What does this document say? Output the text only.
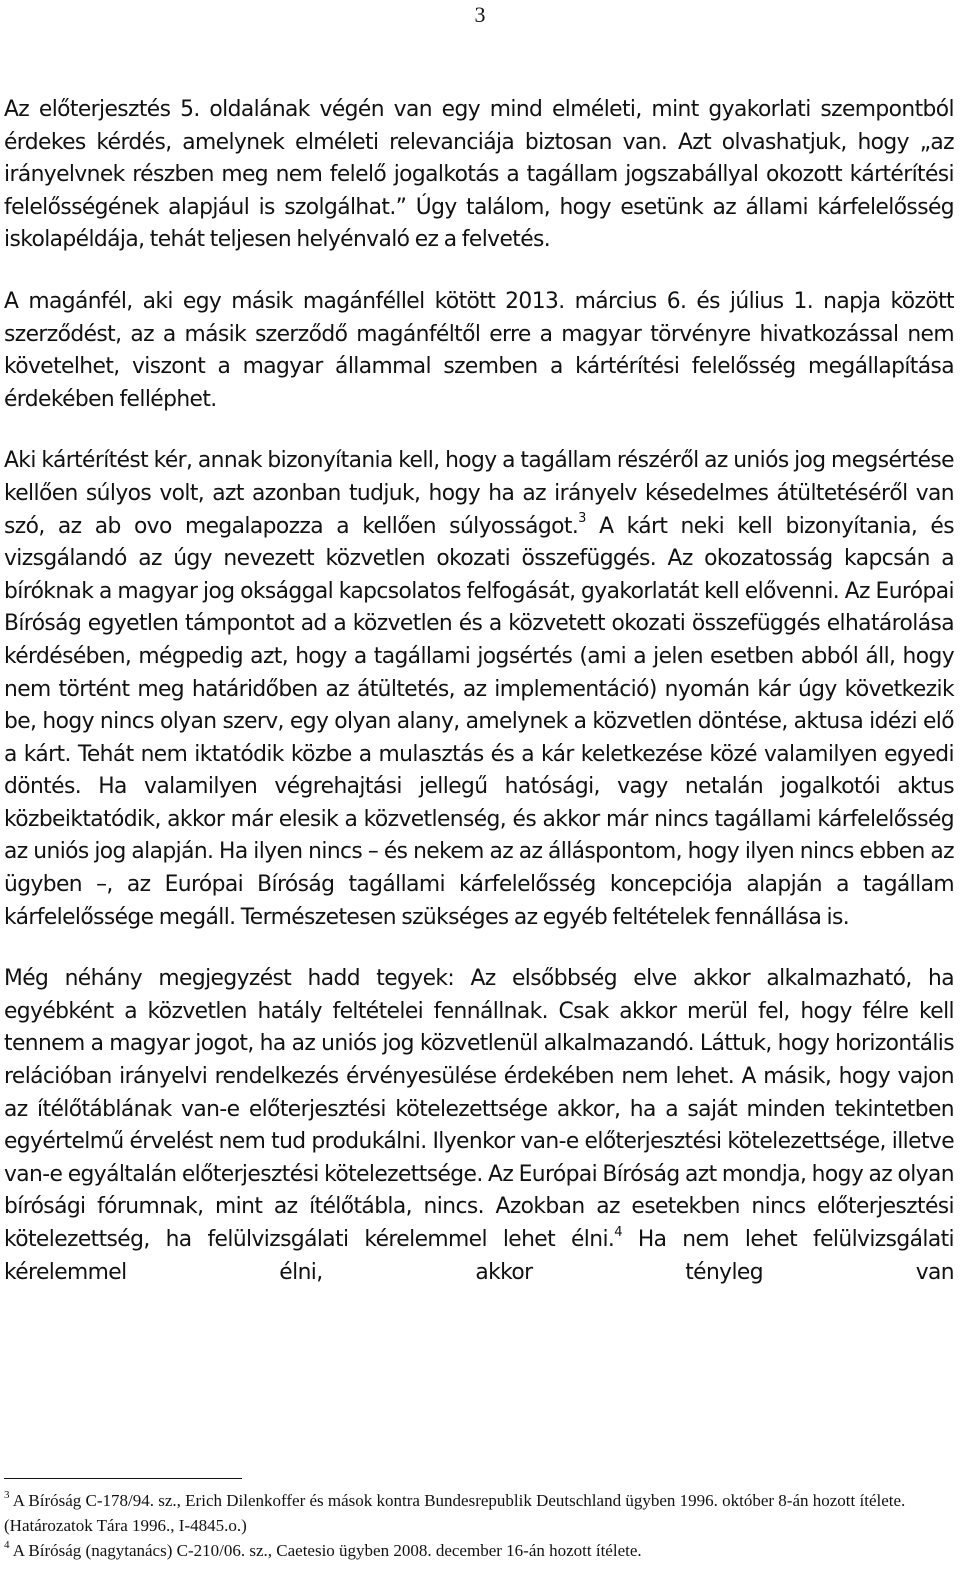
3

Az előterjesztés 5. oldalának végén van egy mind elméleti, mint gyakorlati szempontból érdekes kérdés, amelynek elméleti relevanciája biztosan van. Azt olvashatjuk, hogy „az irányelvnek részben meg nem felelő jogalkotás a tagállam jogszabállyal okozott kártérítési felelősségének alapjául is szolgálhat.” Úgy találom, hogy esetünk az állami kárfelelősség iskolapéldája, tehát teljesen helyénvaló ez a felvetés.

A magánfél, aki egy másik magánféllel kötött 2013. március 6. és július 1. napja között szerződést, az a másik szerződő magánféltől erre a magyar törvényre hivatkozással nem követelhet, viszont a magyar állammal szemben a kártérítési felelősség megállapítása érdekében felléphet.

Aki kártérítést kér, annak bizonyítania kell, hogy a tagállam részéről az uniós jog megsértése kellően súlyos volt, azt azonban tudjuk, hogy ha az irányelv késedelmes átültetéséről van szó, az ab ovo megalapozza a kellően súlyosságot.$^3$ A kárt neki kell bizonyítania, és vizsgálandó az úgy nevezett közvetlen okozati összefüggés. Az okozatosság kapcsán a bíróknak a magyar jog oksággal kapcsolatos felfogását, gyakorlatát kell elővenni. Az Európai Bíróság egyetlen támpontot ad a közvetlen és a közvetett okozati összefüggés elhatárolása kérdésében, mégpedig azt, hogy a tagállami jogsértés (ami a jelen esetben abból áll, hogy nem történt meg határidőben az átültetés, az implementáció) nyomán kár úgy következik be, hogy nincs olyan szerv, egy olyan alany, amelynek a közvetlen döntése, aktusa idézi elő a kárt. Tehát nem iktatódik közbe a mulasztás és a kár keletkezése közé valamilyen egyedi döntés. Ha valamilyen végrehajtási jellegű hatósági, vagy netalán jogalkotói aktus közbeiktatódik, akkor már elesik a közvetlenség, és akkor már nincs tagállami kárfelelősség az uniós jog alapján. Ha ilyen nincs – és nekem az az álláspontom, hogy ilyen nincs ebben az ügyben –, az Európai Bíróság tagállami kárfelelősség koncepciója alapján a tagállam kárfelelőssége megáll. Természetesen szükséges az egyéb feltételek fennállása is.

Még néhány megjegyzést hadd tegyek: Az elsőbbség elve akkor alkalmazható, ha egyébként a közvetlen hatály feltételei fennállnak. Csak akkor merül fel, hogy félre kell tennem a magyar jogot, ha az uniós jog közvetlenül alkalmazandó. Láttuk, hogy horizontális relációban irányelvi rendelkezés érvényesülése érdekében nem lehet. A másik, hogy vajon az ítélőtáblának van-e előterjesztési kötelezettsége akkor, ha a saját minden tekintetben egyértelmű érvelést nem tud produkálni. Ilyenkor van-e előterjesztési kötelezettsége, illetve van-e egyáltalán előterjesztési kötelezettsége. Az Európai Bíróság azt mondja, hogy az olyan bírósági fórumnak, mint az ítélőtábla, nincs. Azokban az esetekben nincs előterjesztési kötelezettség, ha felülvizsgálati kérelemmel lehet élni.$^4$ Ha nem lehet felülvizsgálati kérelemmel élni, akkor tényleg van

$^3$ A Bíróság C-178/94. sz., Erich Dilenkoffer és mások kontra Bundesrepublik Deutschland ügyben 1996. október 8-án hozott ítélete. (Határozatok Tára 1996., I-4845.o.)

$^4$ A Bíróság (nagytanács) C-210/06. sz., Caetesio ügyben 2008. december 16-án hozott ítélete.
